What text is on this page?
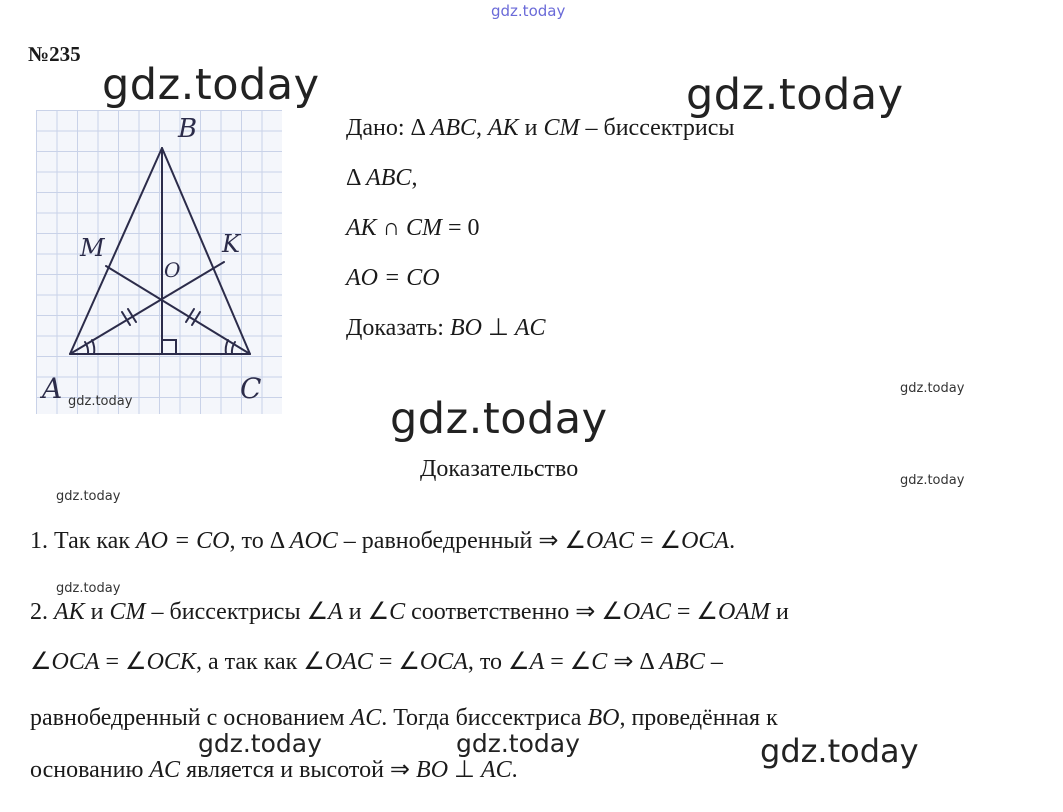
gdz.today
gdz.today	gdz.today
gdz.today
gdz.today
gdz.today
gdz.today
gdz.today
gdz.today	gdz.today	gdz.today
№235
B
M	K
O
A	C
gdz.today
Дано: Δ ABC, AK и CM – биссектрисы
Δ ABC,
AK ∩ CM = 0
AO = CO
Доказать: BO ⊥ AC
Доказательство
1. Так как AO = CO, то Δ AOC – равнобедренный ⇒ ∠OAC = ∠OCA.
2. AK и CM – биссектрисы ∠A и ∠C соответственно ⇒ ∠OAC = ∠OAM и
∠OCA = ∠OCK, а так как ∠OAC = ∠OCA, то ∠A = ∠C ⇒ Δ ABC –
равнобедренный с основанием AC. Тогда биссектриса BO, проведённая к
основанию AC является и высотой ⇒ BO ⊥ AC.
